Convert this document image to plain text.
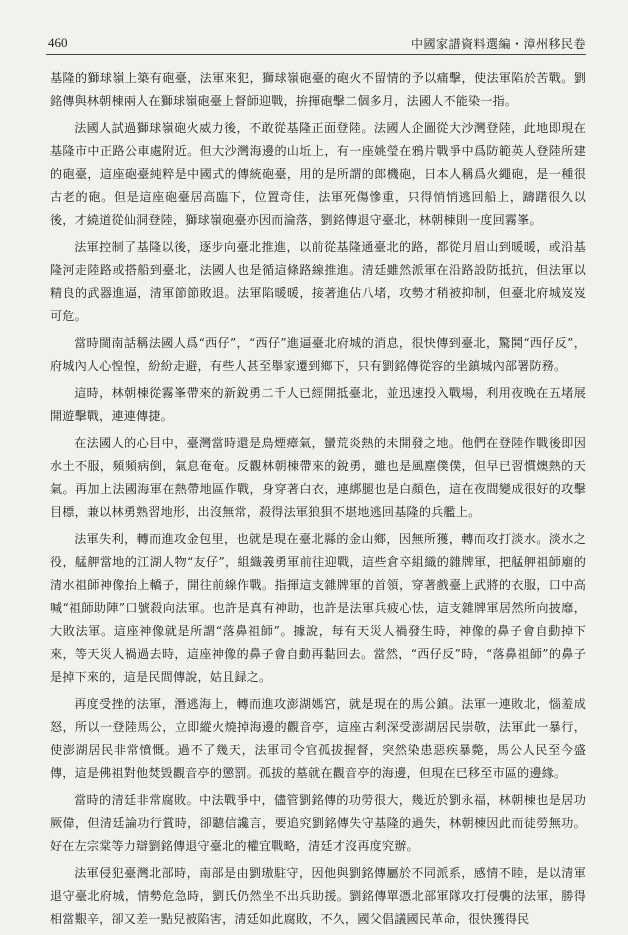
460	中國家譜資料選編・漳州移民卷

基隆的獅球嶺上築有砲臺，法軍來犯，獅球嶺砲臺的砲火不留情的予以痛擊，使法軍陷於苦戰。劉銘傳與林朝棟兩人在獅球嶺砲臺上督師迎戰，拚揮砲擊二個多月，法國人不能染一指。

法國人試過獅球嶺砲火威力後，不敢從基隆正面登陸。法國人企圖從大沙灣登陸，此地即現在基隆市中正路公車處附近。但大沙灣海邊的山坵上，有一座姚瑩在鴉片戰爭中爲防範英人登陸所建的砲臺，這座砲臺純粹是中國式的傳統砲臺，用的是所謂的郎機砲，日本人稱爲火繩砲，是一種很古老的砲。但是這座砲臺居高臨下，位置奇佳，法軍死傷慘重，只得悄悄逃回船上，躊躇很久以後，才繞道從仙洞登陸，獅球嶺砲臺亦因而淪落，劉銘傳退守臺北，林朝棟則一度回霧峯。

法軍控制了基隆以後，逐步向臺北推進，以前從基隆通臺北的路，都從月眉山到暖暖，或沿基隆河走陸路或搭船到臺北，法國人也是循這條路線推進。清廷雖然派軍在沿路設防抵抗，但法軍以精良的武器進逼，清軍節節敗退。法軍陷暖暖，接著進佔八堵，攻勢才稍被抑制，但臺北府城岌岌可危。

當時閩南話稱法國人爲“西仔”，“西仔”進逼臺北府城的消息，很快傳到臺北，驚鬨“西仔反”，府城內人心惶惶，紛紛走避，有些人甚至舉家遷到鄉下，只有劉銘傳從容的坐鎮城內部署防務。

這時，林朝棟從霧峯帶來的新銳勇二千人已經開抵臺北，並迅速投入戰場，利用夜晚在五堵展開遊擊戰，連連傳捷。

在法國人的心目中，臺灣當時還是鳥煙瘴氣，蠻荒炎熱的未開發之地。他們在登陸作戰後即因水土不服，頻頻病倒，氣息奄奄。反觀林朝棟帶來的銳勇，雖也是風塵僕僕，但早已習慣燠熱的天氣。再加上法國海軍在熱帶地區作戰，身穿著白衣，連綁腿也是白顏色，這在夜間變成很好的攻擊目標，兼以林勇熟習地形，出沒無常，殺得法軍狼狽不堪地逃回基隆的兵艦上。

法軍失利，轉而進攻金包里，也就是現在臺北縣的金山鄉，因無所獲，轉而攻打淡水。淡水之役，艋舺當地的江湖人物“友仔”，組織義勇軍前往迎戰，這些倉卒組織的雜牌軍，把艋舺祖師廟的清水祖師神像抬上轎子，開往前線作戰。指揮這支雜牌軍的首領，穿著戲臺上武將的衣服，口中高喊“祖師助陣”口號殺向法軍。也許是真有神助，也許是法軍兵疲心怯，這支雜牌軍居然所向披靡，大敗法軍。這座神像就是所謂“落鼻祖師”。據說，每有天災人禍發生時，神像的鼻子會自動掉下來，等天災人禍過去時，這座神像的鼻子會自動再黏回去。當然，“西仔反”時，“落鼻祖師”的鼻子是掉下來的，這是民間傳說，姑且録之。

再度受挫的法軍，潛逃海上，轉而進攻澎湖媽宮，就是現在的馬公鎮。法軍一連敗北，惱羞成怒，所以一登陸馬公，立即縱火燒掉海邊的觀音亭，這座古剎深受澎湖居民崇敬，法軍此一暴行，使澎湖居民非常憤慨。過不了幾天，法軍司令官孤拔握督，突然染患惡疾暴斃，馬公人民至今盛傳，這是佛祖對他焚毀觀音亭的懲罰。孤拔的墓就在觀音亭的海邊，但現在已移至市區的邊緣。

當時的清廷非常腐敗。中法戰爭中，儘管劉銘傳的功勞很大，幾近於劉永福，林朝棟也是居功厥偉，但清廷論功行賞時，卻聽信讒言，要追究劉銘傳失守基隆的過失，林朝棟因此而徒勞無功。好在左宗棠等力辯劉銘傳退守臺北的權宜戰略，清廷才沒再度究辦。

法軍侵犯臺灣北部時，南部是由劉璈駐守，因他與劉銘傳屬於不同派系，感情不睦，是以清軍退守臺北府城，情勢危急時，劉氏仍然坐不出兵助援。劉銘傳單憑北部軍隊攻打侵襲的法軍，勝得相當艱辛，卻又差一點兒被陷害，清廷如此腐敗，不久，國父倡議國民革命，很快獲得民
